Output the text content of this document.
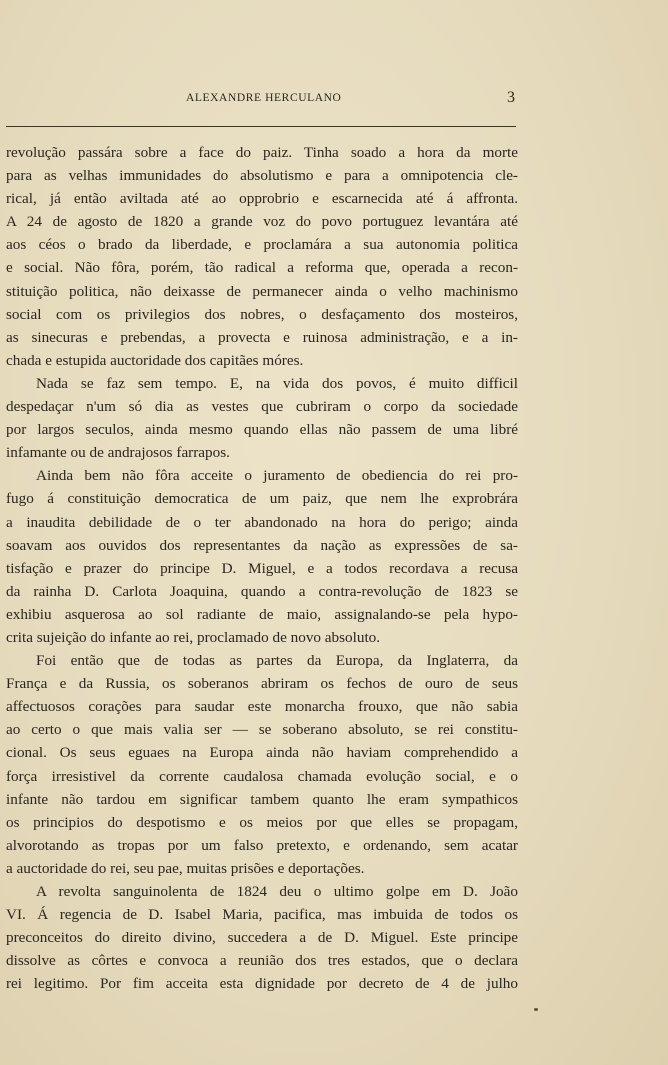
ALEXANDRE HERCULANO	3
revolução passára sobre a face do paiz. Tinha soado a hora da morte
para as velhas immunidades do absolutismo e para a omnipotencia cle-
rical, já então aviltada até ao opprobrio e escarnecida até á affronta.
A 24 de agosto de 1820 a grande voz do povo portuguez levantára até
aos céos o brado da liberdade, e proclamára a sua autonomia politica
e social. Não fôra, porém, tão radical a reforma que, operada a recon-
stituição politica, não deixasse de permanecer ainda o velho machinismo
social com os privilegios dos nobres, o desfaçamento dos mosteiros,
as sinecuras e prebendas, a provecta e ruinosa administração, e a in-
chada e estupida auctoridade dos capitães móres.
Nada se faz sem tempo. E, na vida dos povos, é muito difficil
despedaçar n'um só dia as vestes que cubriram o corpo da sociedade
por largos seculos, ainda mesmo quando ellas não passem de uma libré
infamante ou de andrajosos farrapos.
Ainda bem não fôra acceite o juramento de obediencia do rei pro-
fugo á constituição democratica de um paiz, que nem lhe exprobrára
a inaudita debilidade de o ter abandonado na hora do perigo; ainda
soavam aos ouvidos dos representantes da nação as expressões de sa-
tisfação e prazer do principe D. Miguel, e a todos recordava a recusa
da rainha D. Carlota Joaquina, quando a contra-revolução de 1823 se
exhibiu asquerosa ao sol radiante de maio, assignalando-se pela hypo-
crita sujeição do infante ao rei, proclamado de novo absoluto.
Foi então que de todas as partes da Europa, da Inglaterra, da
França e da Russia, os soberanos abriram os fechos de ouro de seus
affectuosos corações para saudar este monarcha frouxo, que não sabia
ao certo o que mais valia ser — se soberano absoluto, se rei constitu-
cional. Os seus eguaes na Europa ainda não haviam comprehendido a
força irresistivel da corrente caudalosa chamada evolução social, e o
infante não tardou em significar tambem quanto lhe eram sympathicos
os principios do despotismo e os meios por que elles se propagam,
alvorotando as tropas por um falso pretexto, e ordenando, sem acatar
a auctoridade do rei, seu pae, muitas prisões e deportações.
A revolta sanguinolenta de 1824 deu o ultimo golpe em D. João
VI. Á regencia de D. Isabel Maria, pacifica, mas imbuida de todos os
preconceitos do direito divino, succedera a de D. Miguel. Este principe
dissolve as côrtes e convoca a reunião dos tres estados, que o declara
rei legitimo. Por fim acceita esta dignidade por decreto de 4 de julho
